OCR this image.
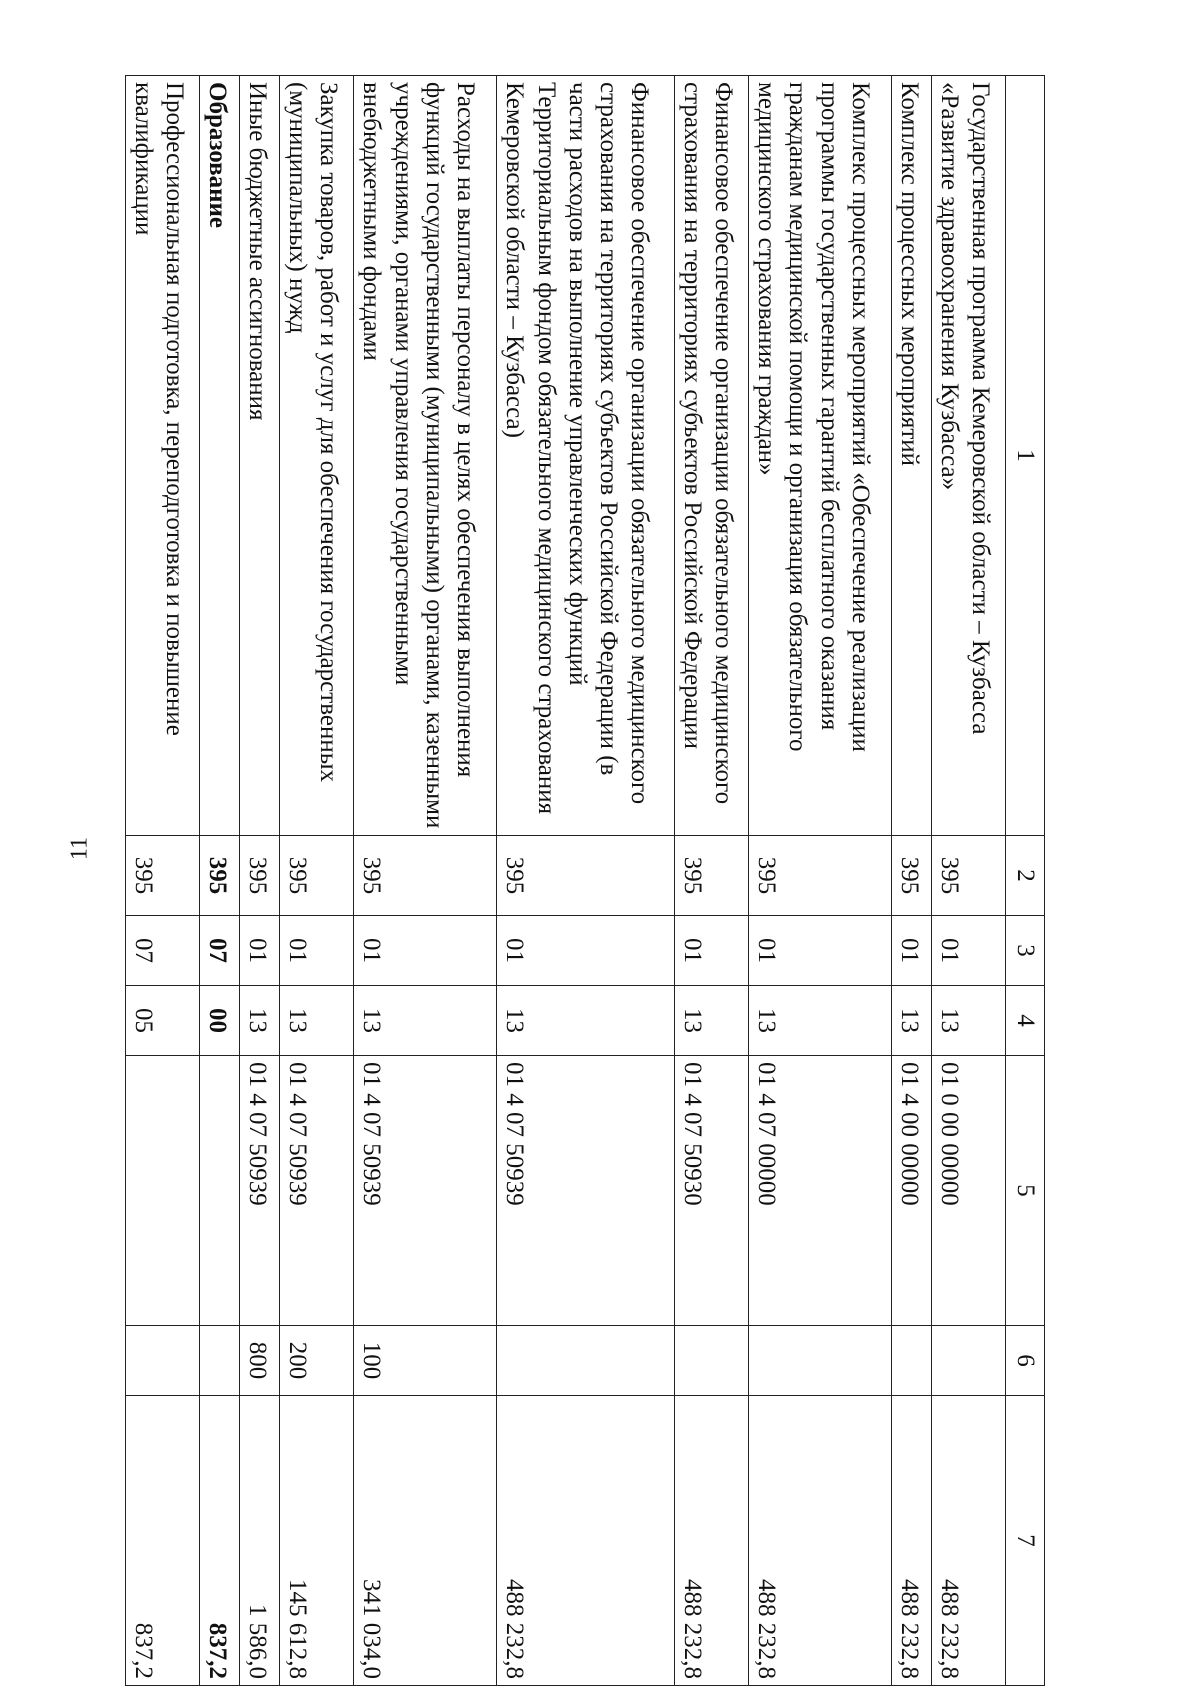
11
1	2	3	4	5	6	7
Государственная программа Кемеровской области – Кузбасса «Развитие здравоохранения Кузбасса»	395	01	13	01 0 00 00000		488 232,8
Комплекс процессных мероприятий	395	01	13	01 4 00 00000		488 232,8
Комплекс процессных мероприятий «Обеспечение реализации программы государственных гарантий бесплатного оказания гражданам медицинской помощи и организация обязательного медицинского страхования граждан»	395	01	13	01 4 07 00000		488 232,8
Финансовое обеспечение организации обязательного медицинского страхования на территориях субъектов Российской Федерации	395	01	13	01 4 07 50930		488 232,8
Финансовое обеспечение организации обязательного медицинского страхования на территориях субъектов Российской Федерации (в части расходов на выполнение управленческих функций Территориальным фондом обязательного медицинского страхования Кемеровской области – Кузбасса)	395	01	13	01 4 07 50939		488 232,8
Расходы на выплаты персоналу в целях обеспечения выполнения функций государственными (муниципальными) органами, казенными учреждениями, органами управления государственными внебюджетными фондами	395	01	13	01 4 07 50939	100	341 034,0
Закупка товаров, работ и услуг для обеспечения государственных (муниципальных) нужд	395	01	13	01 4 07 50939	200	145 612,8
Иные бюджетные ассигнования	395	01	13	01 4 07 50939	800	1 586,0
Образование	395	07	00			837,2
Профессиональная подготовка, переподготовка и повышение квалификации	395	07	05			837,2
